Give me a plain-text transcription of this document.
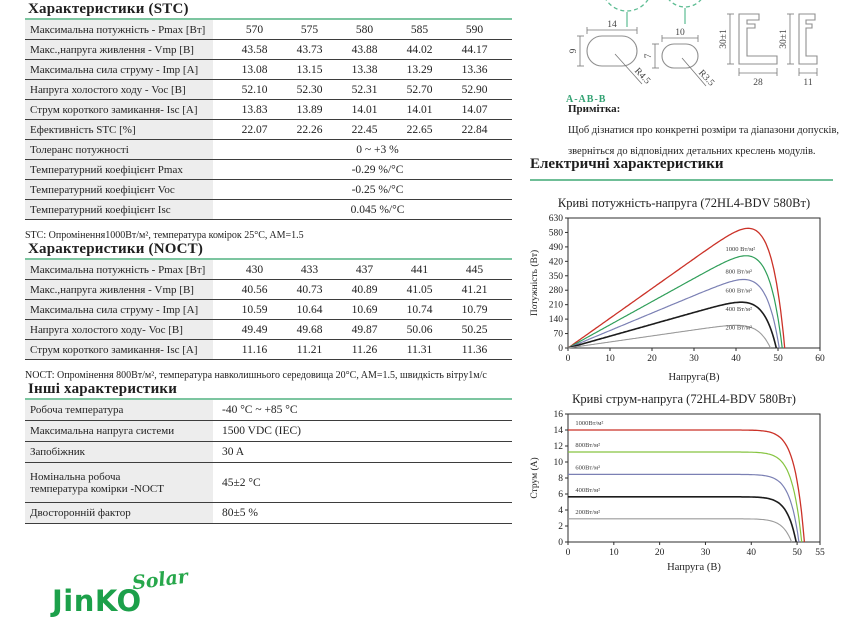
Характеристики (STC)
Максимальна потужність - Pmax [Вт]	570	575	580	585	590
Макс.,напруга живлення - Vmp [B]	43.58	43.73	43.88	44.02	44.17
Максимальна сила струму - Imp [A]	13.08	13.15	13.38	13.29	13.36
Напруга холостого ходу - Voc [B]	52.10	52.30	52.31	52.70	52.90
Струм короткого замикання- Isc [A]	13.83	13.89	14.01	14.01	14.07
Ефективність STC [%]	22.07	22.26	22.45	22.65	22.84
Толеранс потужності	0 ~ +3 %
Температурний коефіцієнт Pmax	-0.29 %/°C
Температурний коефіцієнт Voc	-0.25 %/°C
Температурний коефіцієнт Isc	0.045 %/°C
STC: Опромінення1000Вт/м², температура комірок 25°C, AM=1.5
Характеристики (NOCT)
Максимальна потужність - Pmax [Вт]	430	433	437	441	445
Макс.,напруга живлення - Vmp [B]	40.56	40.73	40.89	41.05	41.21
Максимальна сила струму - Imp [A]	10.59	10.64	10.69	10.74	10.79
Напруга холостого ходу- Voc [B]	49.49	49.68	49.87	50.06	50.25
Струм короткого замикання- Isc [A]	11.16	11.21	11.26	11.31	11.36
NOCT: Опромінення 800Вт/м², температура навколишнього середовища 20°C, AM=1.5, швидкість вітру1м/с
Інші характеристики
Робоча температура	-40 °C ~ +85 °C
Максимальна напруга системи	1500 VDC (IEC)
Запобіжник	30 A
Номінальна робоча
температура комірки -NOCT	45±2 °C
Двосторонній фактор	80±5 %
Solar
JinKO
14
9
R4.5
10
7
R3.5
30±1
28
30±1
11
A-AB-B
Примітка:
Щоб дізнатися про конкретні розміри та діапазони допусків,
зверніться до відповідних детальних креслень модулів.
Електричні характеристики
Криві потужність-напруга (72HL4-BDV 580Вт)
0	10	20	30	40	50	60
0
70
140
210
280
350
420
490
580
630
Напруга(B)
Потужність (Вт)
1000 Вт/м²
800 Вт/м²
600 Вт/м²
400 Вт/м²
200 Вт/м²
Криві струм-напруга (72HL4-BDV 580Вт)
0	10	20	30	40	50 55
0
2
4
6
8
10
12
14
16
Напруга (B)
Струм (A)
1000Вт/м²
800Вт/м²
600Вт/м²
400Вт/м²
200Вт/м²
